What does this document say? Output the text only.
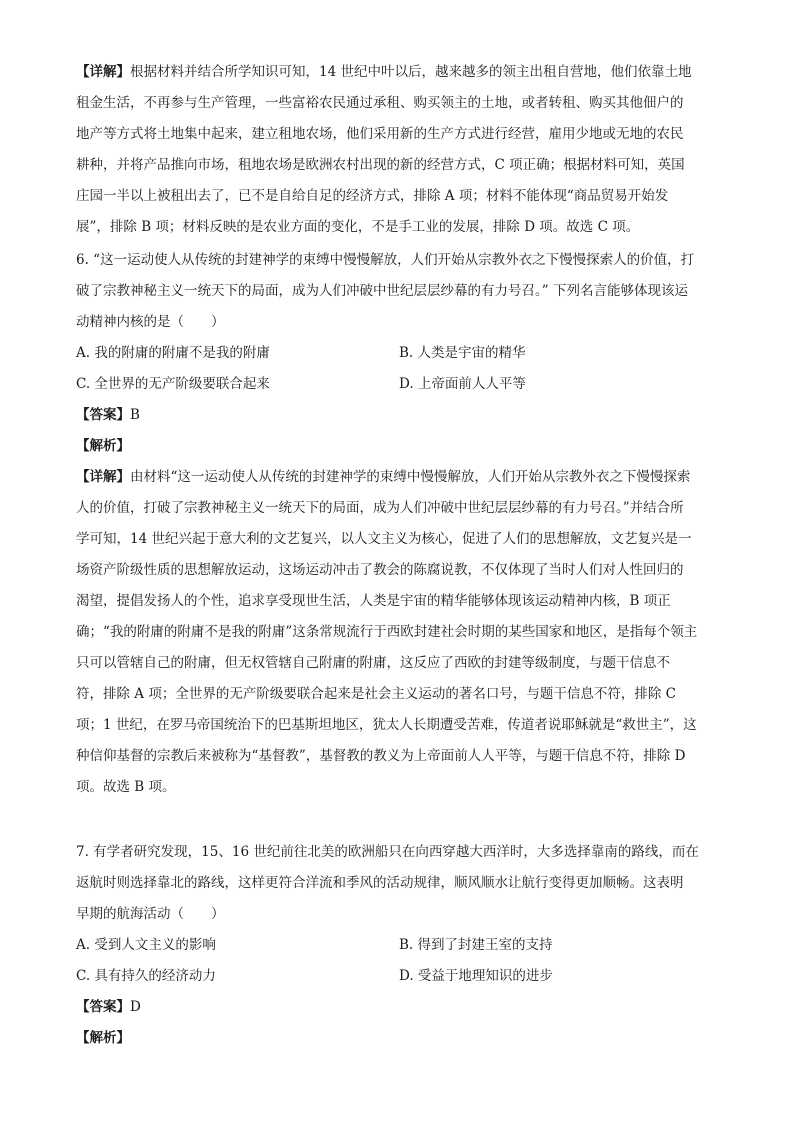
【详解】根据材料并结合所学知识可知，14 世纪中叶以后，越来越多的领主出租自营地，他们依靠土地
租金生活，不再参与生产管理，一些富裕农民通过承租、购买领主的土地，或者转租、购买其他佃户的
地产等方式将土地集中起来，建立租地农场，他们采用新的生产方式进行经营，雇用少地或无地的农民
耕种，并将产品推向市场，租地农场是欧洲农村出现的新的经营方式，C 项正确；根据材料可知，英国
庄园一半以上被租出去了，已不是自给自足的经济方式，排除 A 项；材料不能体现“商品贸易开始发
展”，排除 B 项；材料反映的是农业方面的变化，不是手工业的发展，排除 D 项。故选 C 项。
6. “这一运动使人从传统的封建神学的束缚中慢慢解放，人们开始从宗教外衣之下慢慢探索人的价值，打
破了宗教神秘主义一统天下的局面，成为人们冲破中世纪层层纱幕的有力号召。” 下列名言能够体现该运
动精神内核的是（　　）
A. 我的附庸的附庸不是我的附庸	B. 人类是宇宙的精华
C. 全世界的无产阶级要联合起来	D. 上帝面前人人平等
【答案】B
【解析】
【详解】由材料“这一运动使人从传统的封建神学的束缚中慢慢解放，人们开始从宗教外衣之下慢慢探索
人的价值，打破了宗教神秘主义一统天下的局面，成为人们冲破中世纪层层纱幕的有力号召。”并结合所
学可知，14 世纪兴起于意大利的文艺复兴，以人文主义为核心，促进了人们的思想解放，文艺复兴是一
场资产阶级性质的思想解放运动，这场运动冲击了教会的陈腐说教，不仅体现了当时人们对人性回归的
渴望，提倡发扬人的个性，追求享受现世生活，人类是宇宙的精华能够体现该运动精神内核，B 项正
确；“我的附庸的附庸不是我的附庸”这条常规流行于西欧封建社会时期的某些国家和地区，是指每个领主
只可以管辖自己的附庸，但无权管辖自己附庸的附庸，这反应了西欧的封建等级制度，与题干信息不
符，排除 A 项；全世界的无产阶级要联合起来是社会主义运动的著名口号，与题干信息不符，排除 C
项；1 世纪，在罗马帝国统治下的巴基斯坦地区，犹太人长期遭受苦难，传道者说耶稣就是“救世主”，这
种信仰基督的宗教后来被称为“基督教”，基督教的教义为上帝面前人人平等，与题干信息不符，排除 D
项。故选 B 项。
7. 有学者研究发现，15、16 世纪前往北美的欧洲船只在向西穿越大西洋时，大多选择靠南的路线，而在
返航时则选择靠北的路线，这样更符合洋流和季风的活动规律，顺风顺水让航行变得更加顺畅。这表明
早期的航海活动（　　）
A. 受到人文主义的影响	B. 得到了封建王室的支持
C. 具有持久的经济动力	D. 受益于地理知识的进步
【答案】D
【解析】
